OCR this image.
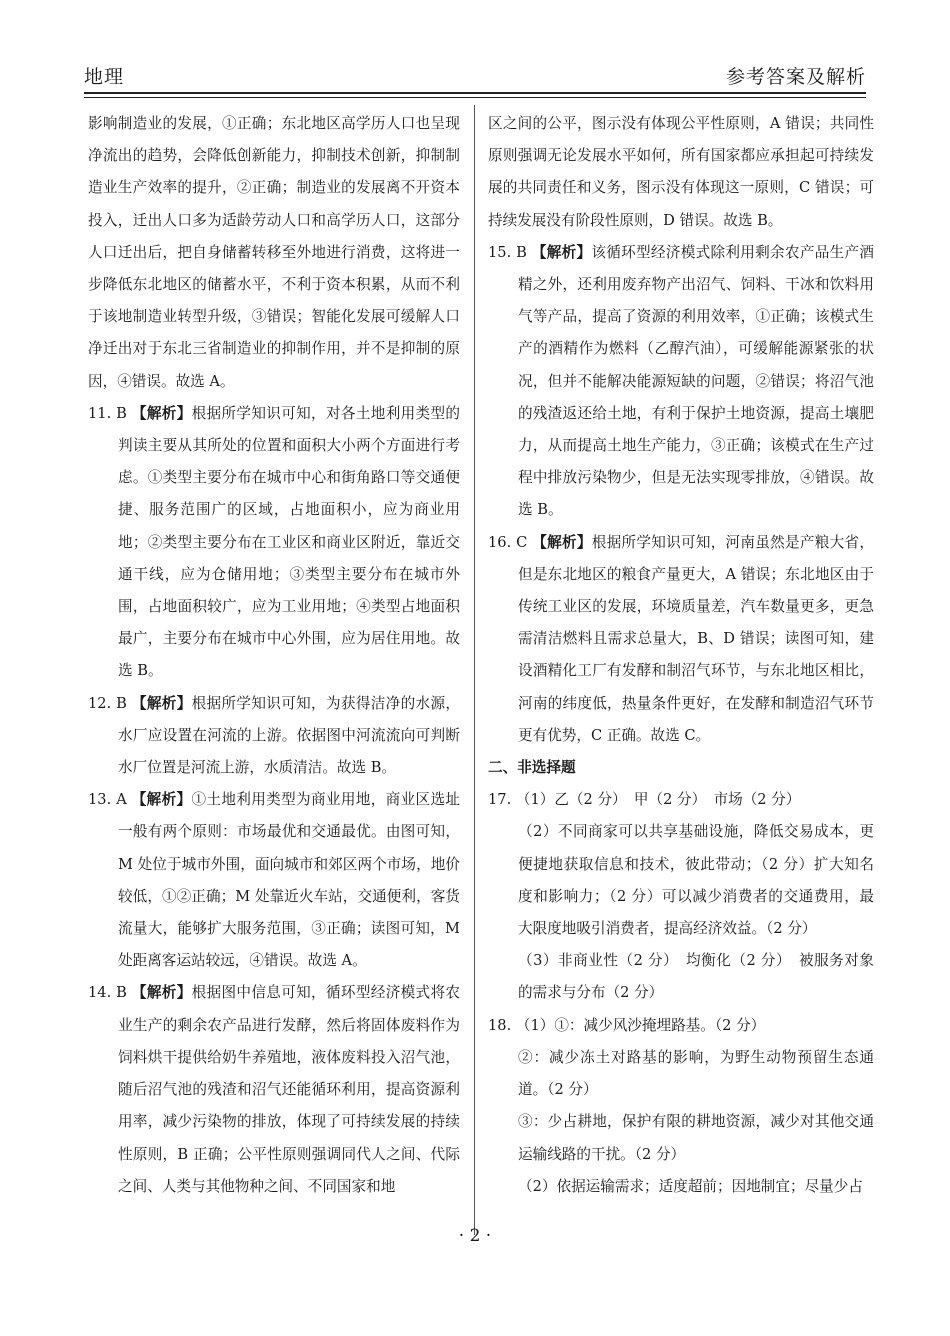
地理	参考答案及解析

影响制造业的发展，①正确；东北地区高学历人口也呈现净流出的趋势，会降低创新能力，抑制技术创新，抑制制造业生产效率的提升，②正确；制造业的发展离不开资本投入，迁出人口多为适龄劳动人口和高学历人口，这部分人口迁出后，把自身储蓄转移至外地进行消费，这将进一步降低东北地区的储蓄水平，不利于资本积累，从而不利于该地制造业转型升级，③错误；智能化发展可缓解人口净迁出对于东北三省制造业的抑制作用，并不是抑制的原因，④错误。故选 A。

11. B 【解析】根据所学知识可知，对各土地利用类型的判读主要从其所处的位置和面积大小两个方面进行考虑。①类型主要分布在城市中心和街角路口等交通便捷、服务范围广的区域，占地面积小，应为商业用地；②类型主要分布在工业区和商业区附近，靠近交通干线，应为仓储用地；③类型主要分布在城市外围，占地面积较广，应为工业用地；④类型占地面积最广，主要分布在城市中心外围，应为居住用地。故选 B。

12. B 【解析】根据所学知识可知，为获得洁净的水源，水厂应设置在河流的上游。依据图中河流流向可判断水厂位置是河流上游，水质清洁。故选 B。

13. A 【解析】①土地利用类型为商业用地，商业区选址一般有两个原则：市场最优和交通最优。由图可知，M 处位于城市外围，面向城市和郊区两个市场，地价较低，①②正确；M 处靠近火车站，交通便利，客货流量大，能够扩大服务范围，③正确；读图可知，M 处距离客运站较远，④错误。故选 A。

14. B 【解析】根据图中信息可知，循环型经济模式将农业生产的剩余农产品进行发酵，然后将固体废料作为饲料烘干提供给奶牛养殖地，液体废料投入沼气池，随后沼气池的残渣和沼气还能循环利用，提高资源利用率，减少污染物的排放，体现了可持续发展的持续性原则，B 正确；公平性原则强调同代人之间、代际之间、人类与其他物种之间、不同国家和地

区之间的公平，图示没有体现公平性原则，A 错误；共同性原则强调无论发展水平如何，所有国家都应承担起可持续发展的共同责任和义务，图示没有体现这一原则，C 错误；可持续发展没有阶段性原则，D 错误。故选 B。

15. B 【解析】该循环型经济模式除利用剩余农产品生产酒精之外，还利用废弃物产出沼气、饲料、干冰和饮料用气等产品，提高了资源的利用效率，①正确；该模式生产的酒精作为燃料（乙醇汽油），可缓解能源紧张的状况，但并不能解决能源短缺的问题，②错误；将沼气池的残渣返还给土地，有利于保护土地资源，提高土壤肥力，从而提高土地生产能力，③正确；该模式在生产过程中排放污染物少，但是无法实现零排放，④错误。故选 B。

16. C 【解析】根据所学知识可知，河南虽然是产粮大省，但是东北地区的粮食产量更大，A 错误；东北地区由于传统工业区的发展，环境质量差，汽车数量更多，更急需清洁燃料且需求总量大，B、D 错误；读图可知，建设酒精化工厂有发酵和制沼气环节，与东北地区相比，河南的纬度低，热量条件更好，在发酵和制造沼气环节更有优势，C 正确。故选 C。

二、非选择题

17. （1）乙（2 分）　甲（2 分）　市场（2 分）

（2）不同商家可以共享基础设施，降低交易成本，更便捷地获取信息和技术，彼此带动；（2 分）扩大知名度和影响力；（2 分）可以减少消费者的交通费用，最大限度地吸引消费者，提高经济效益。（2 分）

（3）非商业性（2 分）　均衡化（2 分）　被服务对象的需求与分布（2 分）

18. （1）①：减少风沙掩埋路基。（2 分）

②：减少冻土对路基的影响，为野生动物预留生态通道。（2 分）

③：少占耕地，保护有限的耕地资源，减少对其他交通运输线路的干扰。（2 分）

（2）依据运输需求；适度超前；因地制宜；尽量少占

· 2 ·
